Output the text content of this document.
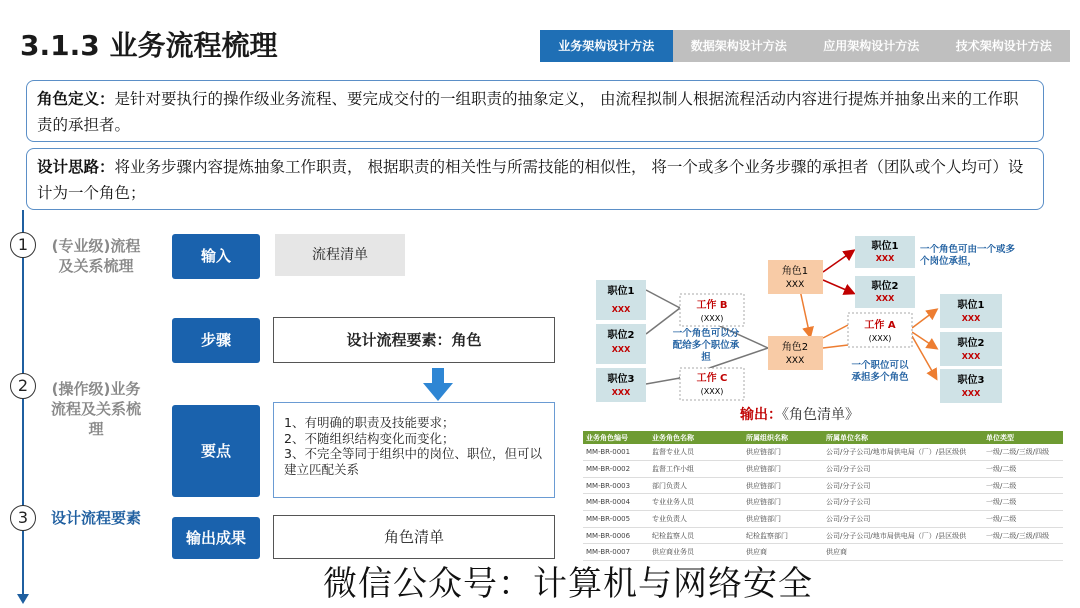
3.1.3 业务流程梳理	业务架构设计方法	数据架构设计方法	应用架构设计方法	技术架构设计方法
角色定义：是针对要执行的操作级业务流程、要完成交付的一组职责的抽象定义， 由流程拟制人根据流程活动内容进行提炼并抽象出来的工作职责的承担者。
设计思路：将业务步骤内容提炼抽象工作职责， 根据职责的相关性与所需技能的相似性， 将一个或多个业务步骤的承担者（团队或个人均可）设计为一个角色；
1	(专业级)流程及关系梳理
2	(操作级)业务流程及关系梳理
3	设计流程要素
输入	流程清单
步骤	设计流程要素：角色
要点
1、有明确的职责及技能要求；
2、不随组织结构变化而变化；
3、不完全等同于组织中的岗位、职位，但可以建立匹配关系
输出成果	角色清单
职位1
XXX
职位2
XXX
职位3
XXX
工作 B
(XXX)
工作 C
(XXX)
工作 A
(XXX)
角色1
XXX
角色2
XXX
职位1
XXX
职位2
XXX
职位1
XXX
职位2
XXX
职位3
XXX
一个角色可由一个或多个岗位承担，
一个角色可以分配给多个职位承担
一个职位可以承担多个角色
输出：《角色清单》
业务角色编号	业务角色名称	所属组织名称	所属单位名称	单位类型
MM-BR-0001	监督专业人员	供应链部门	公司/分子公司/地市局供电局（厂）/县区级供	一级/二级/三级/四级
MM-BR-0002	监督工作小组	供应链部门	公司/分子公司	一级/二级
MM-BR-0003	部门负责人	供应链部门	公司/分子公司	一级/二级
MM-BR-0004	专业业务人员	供应链部门	公司/分子公司	一级/二级
MM-BR-0005	专业负责人	供应链部门	公司/分子公司	一级/二级
MM-BR-0006	纪检监察人员	纪检监察部门	公司/分子公司/地市局供电局（厂）/县区级供	一级/二级/三级/四级
MM-BR-0007	供应商业务员	供应商	供应商	
微信公众号：计算机与网络安全
